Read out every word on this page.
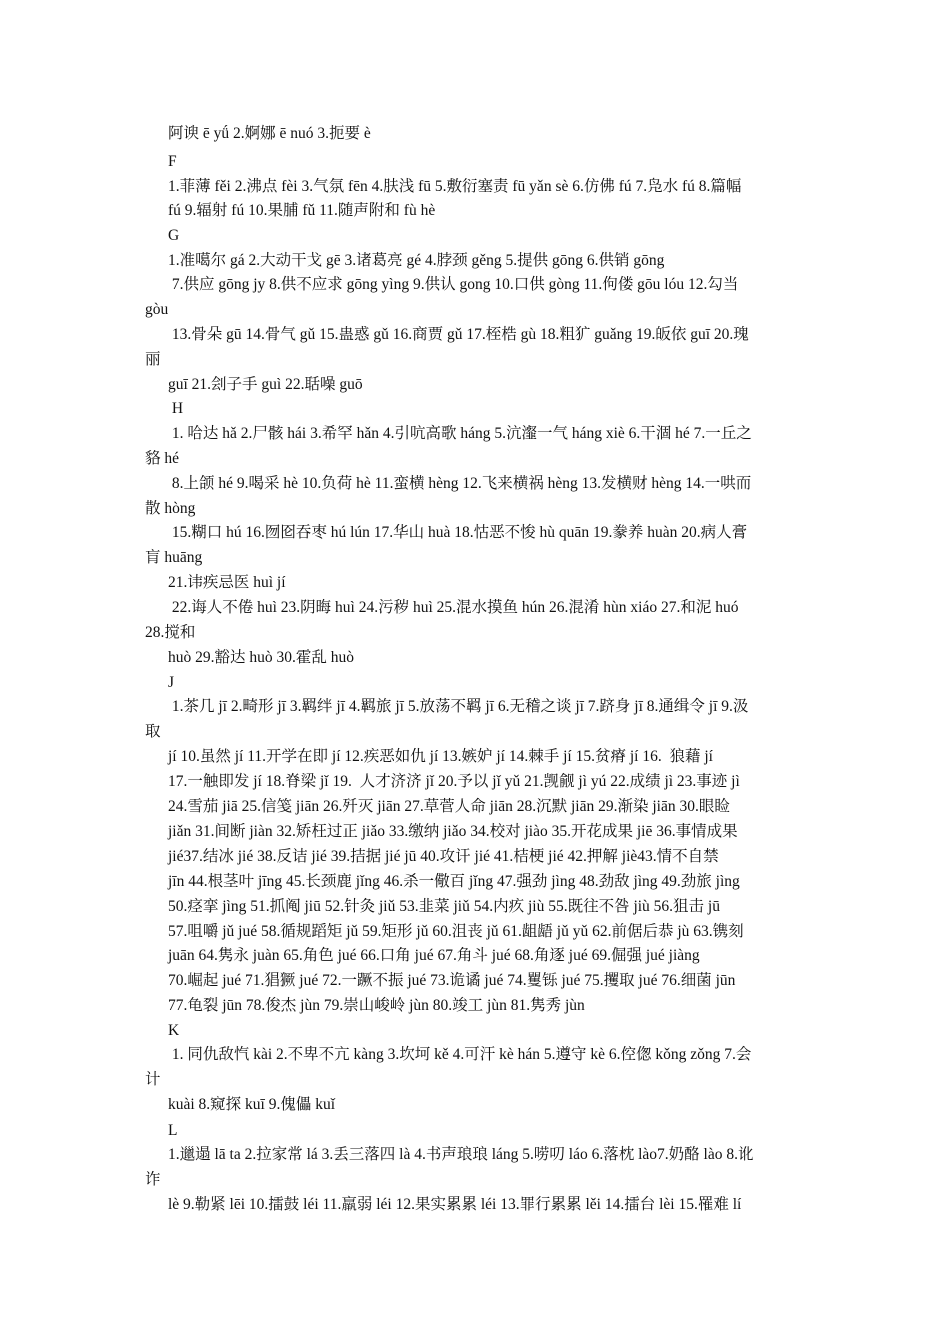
阿谀 ē yǘ 2.婀娜 ē nuó 3.扼要 è
F
1.菲薄 fěi 2.沸点 fèi 3.气氛 fēn 4.肤浅 fū 5.敷衍塞责 fū yǎn sè 6.仿佛 fú 7.凫水 fú 8.篇幅
fú 9.辐射 fú 10.果脯 fǔ 11.随声附和 fù hè
G
1.准噶尔 gá 2.大动干戈 gē 3.诸葛亮 gé 4.脖颈 gěng 5.提供 gōng 6.供销 gōng
7.供应 gōng jy 8.供不应求 gōng yìng 9.供认 gong 10.口供 gòng 11.佝偻 gōu lóu 12.勾当
gòu
13.骨朵 gū 14.骨气 gǔ 15.蛊惑 gǔ 16.商贾 gǔ 17.桎梏 gù 18.粗犷 guǎng 19.皈依 guī 20.瑰
丽
guī 21.刽子手 guì 22.聒噪 guō
H
1. 哈达 hǎ 2.尸骸 hái 3.希罕 hǎn 4.引吭高歌 háng 5.沆瀣一气 háng xiè 6.干涸 hé 7.一丘之
貉 hé
8.上颌 hé 9.喝采 hè 10.负荷 hè 11.蛮横 hèng 12.飞来横祸 hèng 13.发横财 hèng 14.一哄而
散 hòng
15.糊口 hú 16.囫囵吞枣 hú lún 17.华山 huà 18.怙恶不悛 hù quān 19.豢养 huàn 20.病人膏
肓 huāng
21.讳疾忌医 huì jí
22.诲人不倦 huì 23.阴晦 huì 24.污秽 huì 25.混水摸鱼 hún 26.混淆 hùn xiáo 27.和泥 huó
28.搅和
huò 29.豁达 huò 30.霍乱 huò
J
1.茶几 jī 2.畸形 jī 3.羁绊 jī 4.羁旅 jī 5.放荡不羁 jī 6.无稽之谈 jī 7.跻身 jī 8.通缉令 jī 9.汲
取
jí 10.虽然 jí 11.开学在即 jí 12.疾恶如仇 jí 13.嫉妒 jí 14.棘手 jí 15.贫瘠 jí 16.  狼藉 jí
17.一触即发 jí 18.脊梁 jǐ 19.  人才济济 jǐ 20.予以 jǐ yǔ 21.觊觎 jì yú 22.成绩 jì 23.事迹 jì
24.雪茄 jiā 25.信笺 jiān 26.歼灭 jiān 27.草菅人命 jiān 28.沉默 jiān 29.渐染 jiān 30.眼睑
jiǎn 31.间断 jiàn 32.矫枉过正 jiǎo 33.缴纳 jiǎo 34.校对 jiào 35.开花成果 jiē 36.事情成果
jié37.结冰 jié 38.反诘 jié 39.拮据 jié jū 40.攻讦 jié 41.桔梗 jié 42.押解 jiè43.情不自禁
jīn 44.根茎叶 jīng 45.长颈鹿 jǐng 46.杀一儆百 jǐng 47.强劲 jìng 48.劲敌 jìng 49.劲旅 jìng
50.痉挛 jìng 51.抓阄 jiū 52.针灸 jiǔ 53.韭菜 jiǔ 54.内疚 jiù 55.既往不咎 jiù 56.狙击 jū
57.咀嚼 jǔ jué 58.循规蹈矩 jǔ 59.矩形 jǔ 60.沮丧 jǔ 61.龃龉 jǔ yǔ 62.前倨后恭 jù 63.镌刻
juān 64.隽永 juàn 65.角色 jué 66.口角 jué 67.角斗 jué 68.角逐 jué 69.倔强 jué jiàng
70.崛起 jué 71.猖獗 jué 72.一蹶不振 jué 73.诡谲 jué 74.矍铄 jué 75.攫取 jué 76.细菌 jūn
77.龟裂 jūn 78.俊杰 jùn 79.崇山峻岭 jùn 80.竣工 jùn 81.隽秀 jùn
K
1. 同仇敌忾 kài 2.不卑不亢 kàng 3.坎坷 kě 4.可汗 kè hán 5.遵守 kè 6.倥偬 kǒng zǒng 7.会
计
kuài 8.窥探 kuī 9.傀儡 kuǐ
L
1.邋遢 lā ta 2.拉家常 lá 3.丢三落四 là 4.书声琅琅 láng 5.唠叨 láo 6.落枕 lào7.奶酪 lào 8.讹
诈
lè 9.勒紧 lēi 10.擂鼓 léi 11.羸弱 léi 12.果实累累 léi 13.罪行累累 lěi 14.擂台 lèi 15.罹难 lí
